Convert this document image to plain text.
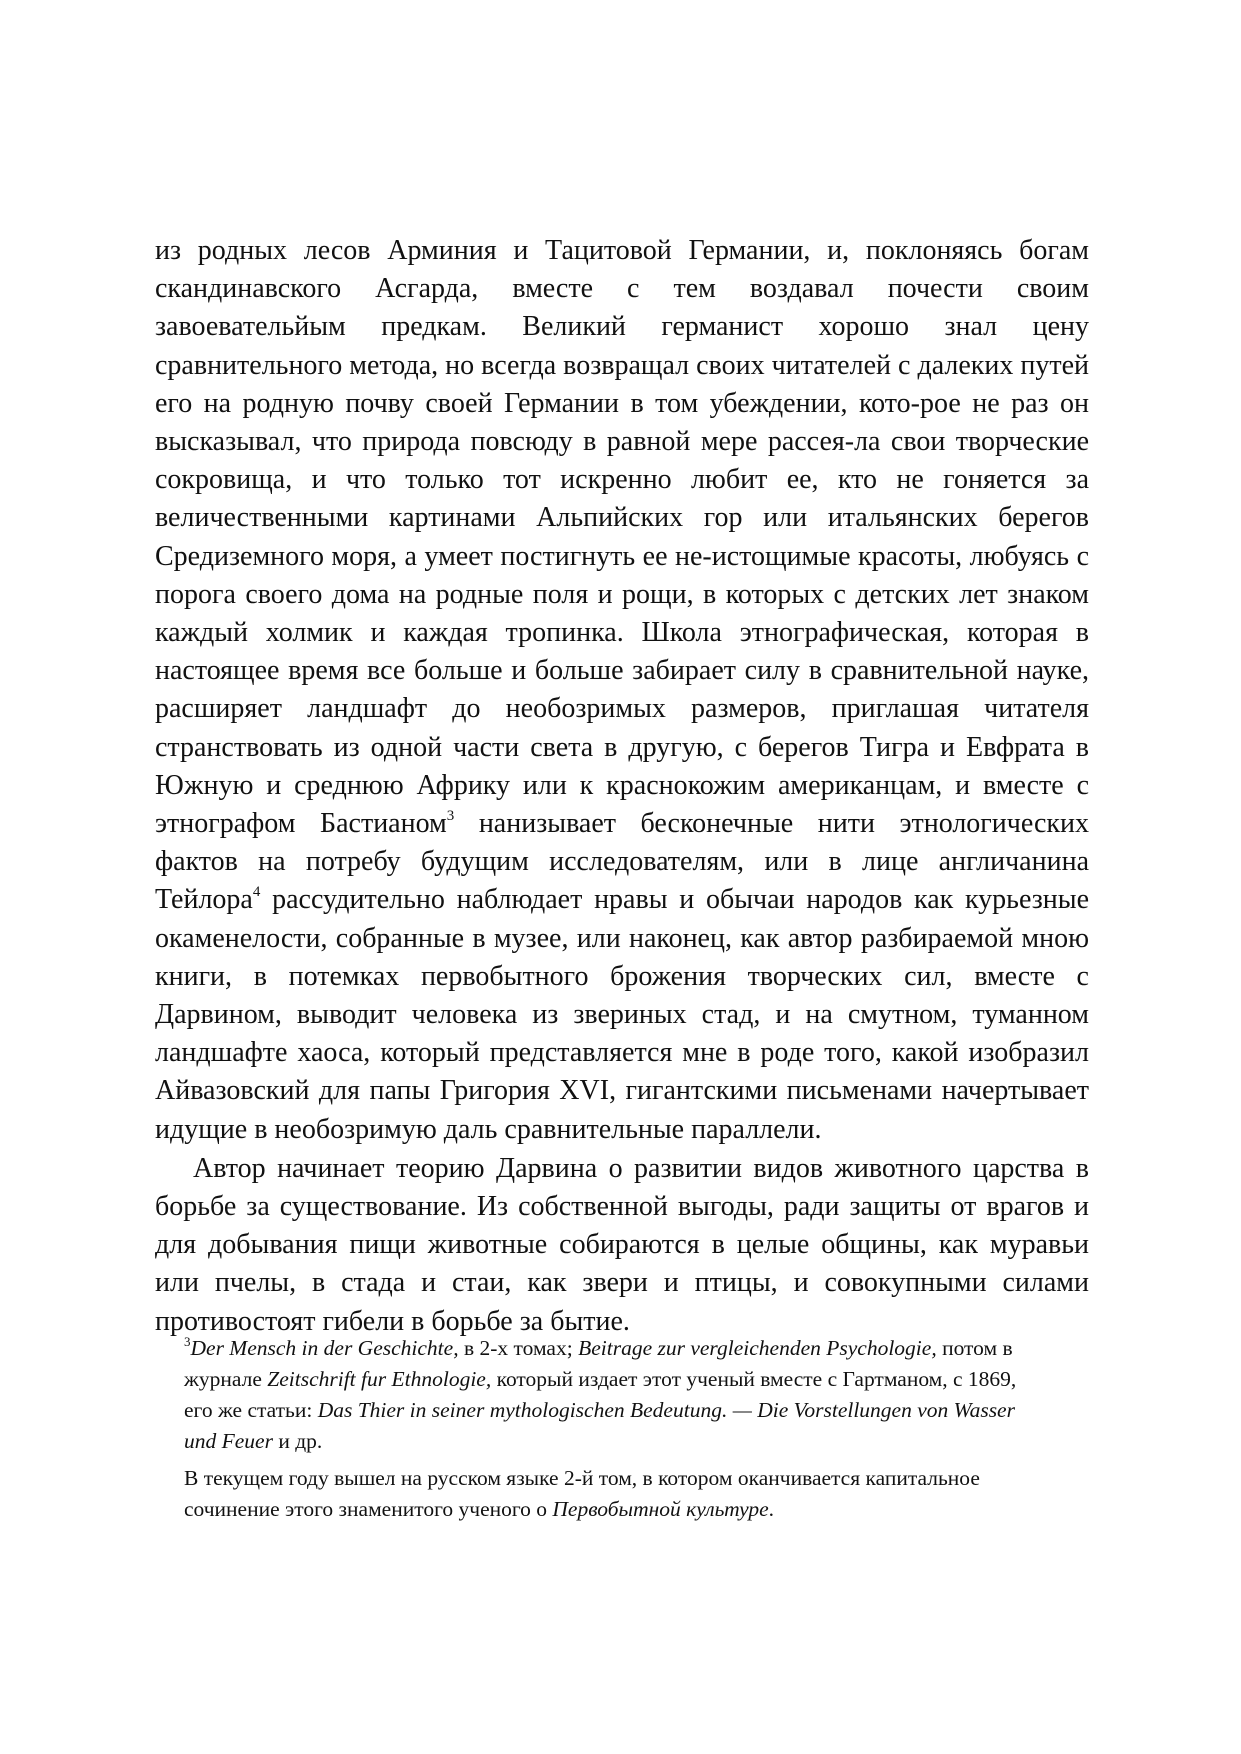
из родных лесов Арминия и Тацитовой Германии, и, поклоняясь богам скандинавского Асгарда, вместе с тем воздавал почести своим завоевательйым предкам. Великий германист хорошо знал цену сравнительного метода, но всегда возвращал своих читателей с далеких путей его на родную почву своей Германии в том убеждении, кото-рое не раз он высказывал, что природа повсюду в равной мере рассея-ла свои творческие сокровища, и что только тот искренно любит ее, кто не гоняется за величественными картинами Альпийских гор или итальянских берегов Средиземного моря, а умеет постигнуть ее не-истощимые красоты, любуясь с порога своего дома на родные поля и рощи, в которых с детских лет знаком каждый холмик и каждая тропинка. Школа этнографическая, которая в настоящее время все больше и больше забирает силу в сравнительной науке, расширяет ландшафт до необозримых размеров, приглашая читателя странствовать из одной части света в другую, с берегов Тигра и Евфрата в Южную и среднюю Африку или к краснокожим американцам, и вместе с этнографом Бастианом$^3$ нанизывает бесконечные нити этнологических фактов на потребу будущим исследователям, или в лице англичанина Тейлора$^4$ рассудительно наблюдает нравы и обычаи народов как курьезные окаменелости, собранные в музее, или наконец, как автор разбираемой мною книги, в потемках первобытного брожения творческих сил, вместе с Дарвином, выводит человека из звериных стад, и на смутном, туманном ландшафте хаоса, который представляется мне в роде того, какой изобразил Айвазовский для папы Григория XVI, гигантскими письменами начертывает идущие в необозримую даль сравнительные параллели.

Автор начинает теорию Дарвина о развитии видов животного царства в борьбе за существование. Из собственной выгоды, ради защиты от врагов и для добывания пищи животные собираются в целые общины, как муравьи или пчелы, в стада и стаи, как звери и птицы, и совокупными силами противостоят гибели в борьбе за бытие.

$^3$Der Mensch in der Geschichte, в 2-х томах; Beitrage zur vergleichenden Psychologie, потом в журнале Zeitschrift fur Ethnologie, который издает этот ученый вместе с Гартманом, с 1869, его же статьи: Das Thier in seiner mythologischen Bedeutung. — Die Vorstellungen von Wasser und Feuer и др.

В текущем году вышел на русском языке 2-й том, в котором оканчивается капитальное сочинение этого знаменитого ученого о Первобытной культуре.
